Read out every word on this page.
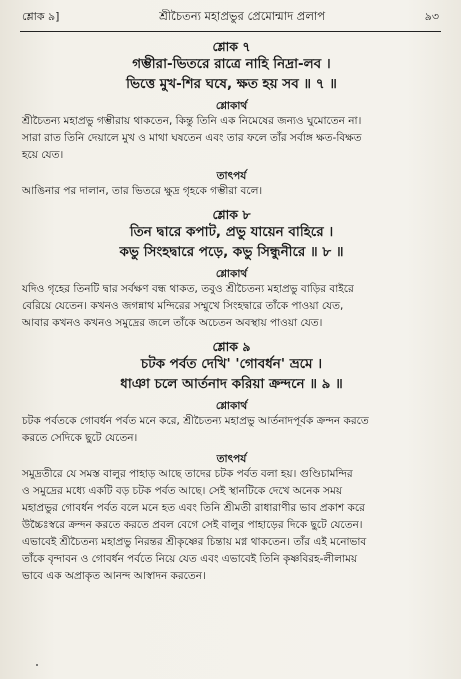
শ্লোক ৯]	শ্রীচৈতন্য মহাপ্রভুর প্রেমোন্মাদ প্রলাপ	৯৩
শ্লোক ৭
গম্ভীরা-ভিতরে রাত্রে নাহি নিদ্রা-লব ।
ভিত্তে মুখ-শির ঘষে, ক্ষত হয় সব ॥ ৭ ॥
শ্লোকার্থ

শ্রীচৈতন্য মহাপ্রভু গম্ভীরায় থাকতেন, কিন্তু তিনি এক নিমেষের জন্যও ঘুমোতেন না।

সারা রাত তিনি দেয়ালে মুখ ও মাথা ঘষতেন এবং তার ফলে তাঁর সর্বাঙ্গ ক্ষত-বিক্ষত

হয়ে যেত।

তাৎপর্য

আঙিনার পর দালান, তার ভিতরে ক্ষুদ্র গৃহকে গম্ভীরা বলে।

শ্লোক ৮
তিন দ্বারে কপাট, প্রভু যায়েন বাহিরে ।
কভু সিংহদ্বারে পড়ে, কভু সিন্ধুনীরে ॥ ৮ ॥
শ্লোকার্থ

যদিও গৃহের তিনটি দ্বার সর্বক্ষণ বন্ধ থাকত, তবুও শ্রীচৈতন্য মহাপ্রভু বাড়ির বাইরে

বেরিয়ে যেতেন। কখনও জগন্নাথ মন্দিরের সম্মুখে সিংহদ্বারে তাঁকে পাওয়া যেত,

আবার কখনও কখনও সমুদ্রের জলে তাঁকে অচেতন অবস্থায় পাওয়া যেত।

শ্লোক ৯
চটক পর্বত দেখি' 'গোবর্ধন' ভ্রমে ।
ধাঞা চলে আর্তনাদ করিয়া ক্রন্দনে ॥ ৯ ॥
শ্লোকার্থ

চটক পর্বতকে গোবর্ধন পর্বত মনে করে, শ্রীচৈতন্য মহাপ্রভু আর্তনাদপূর্বক ক্রন্দন করতে

করতে সেদিকে ছুটে যেতেন।

তাৎপর্য

সমুদ্রতীরে যে সমস্ত বালুর পাহাড় আছে তাদের চটক পর্বত বলা হয়। গুণ্ডিচামন্দির

ও সমুদ্রের মধ্যে একটি বড় চটক পর্বত আছে। সেই স্থানটিকে দেখে অনেক সময়

মহাপ্রভুর গোবর্ধন পর্বত বলে মনে হত এবং তিনি শ্রীমতী রাধারাণীর ভাব প্রকাশ করে

উচ্চৈঃস্বরে ক্রন্দন করতে করতে প্রবল বেগে সেই বালুর পাহাড়ের দিকে ছুটে যেতেন।

এভাবেই শ্রীচৈতন্য মহাপ্রভু নিরন্তর শ্রীকৃষ্ণের চিন্তায় মগ্ন থাকতেন। তাঁর এই মনোভাব

তাঁকে বৃন্দাবন ও গোবর্ধন পর্বতে নিয়ে যেত এবং এভাবেই তিনি কৃষ্ণবিরহ-লীলাময়

ভাবে এক অপ্রাকৃত আনন্দ আস্বাদন করতেন।
